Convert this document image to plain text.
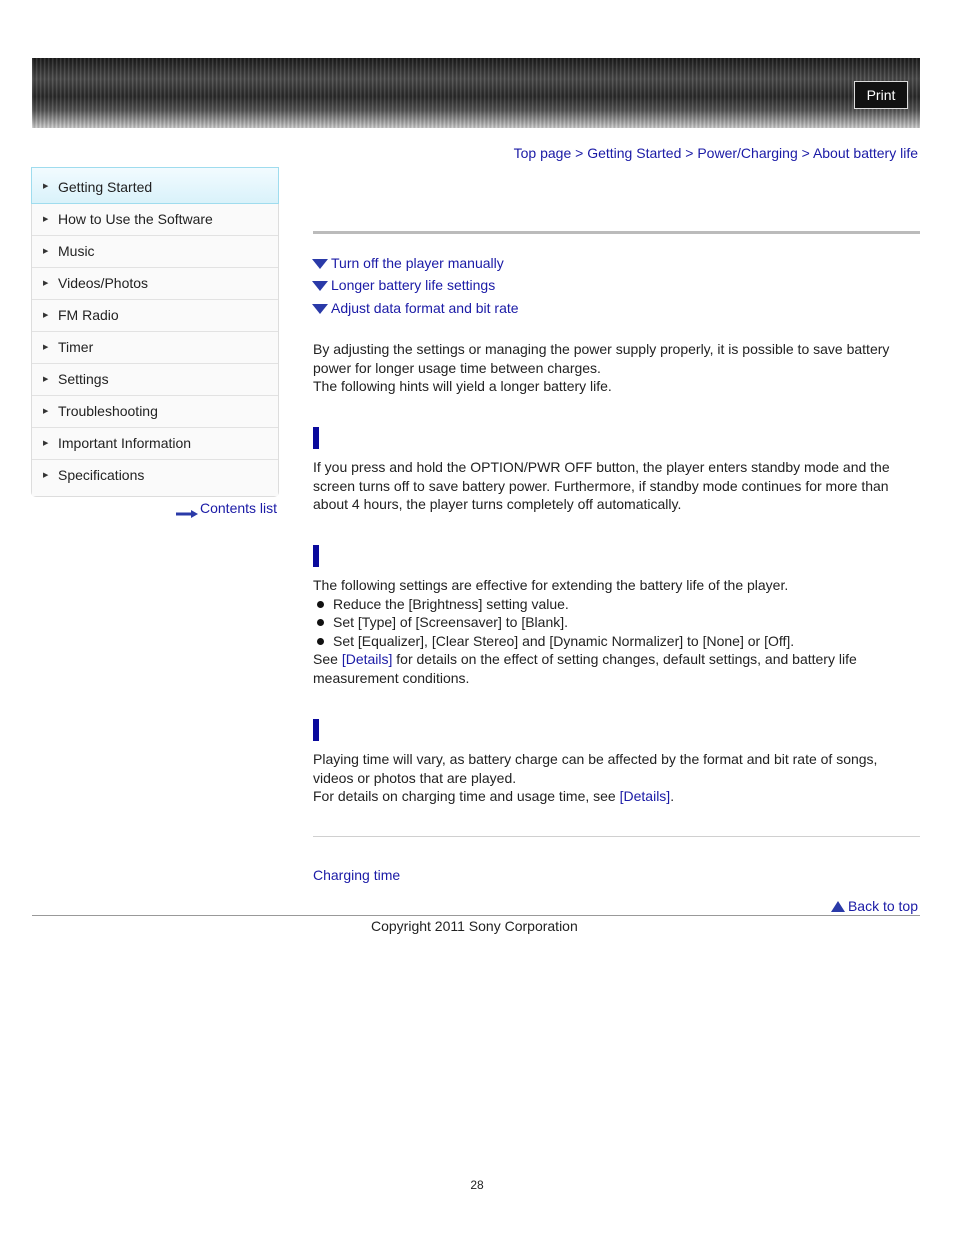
Print
Top page > Getting Started > Power/Charging > About battery life
▶ Getting Started
▶ How to Use the Software
▶ Music
▶ Videos/Photos
▶ FM Radio
▶ Timer
▶ Settings
▶ Troubleshooting
▶ Important Information
▶ Specifications
Contents list
Turn off the player manually
Longer battery life settings
Adjust data format and bit rate

By adjusting the settings or managing the power supply properly, it is possible to save battery power for longer usage time between charges.

The following hints will yield a longer battery life.

If you press and hold the OPTION/PWR OFF button, the player enters standby mode and the screen turns off to save battery power. Furthermore, if standby mode continues for more than about 4 hours, the player turns completely off automatically.

The following settings are effective for extending the battery life of the player.
Reduce the [Brightness] setting value.
Set [Type] of [Screensaver] to [Blank].
Set [Equalizer], [Clear Stereo] and [Dynamic Normalizer] to [None] or [Off].
See [Details] for details on the effect of setting changes, default settings, and battery life measurement conditions.

Playing time will vary, as battery charge can be affected by the format and bit rate of songs, videos or photos that are played.

For details on charging time and usage time, see [Details].

Charging time
Back to top
Copyright 2011 Sony Corporation
28
